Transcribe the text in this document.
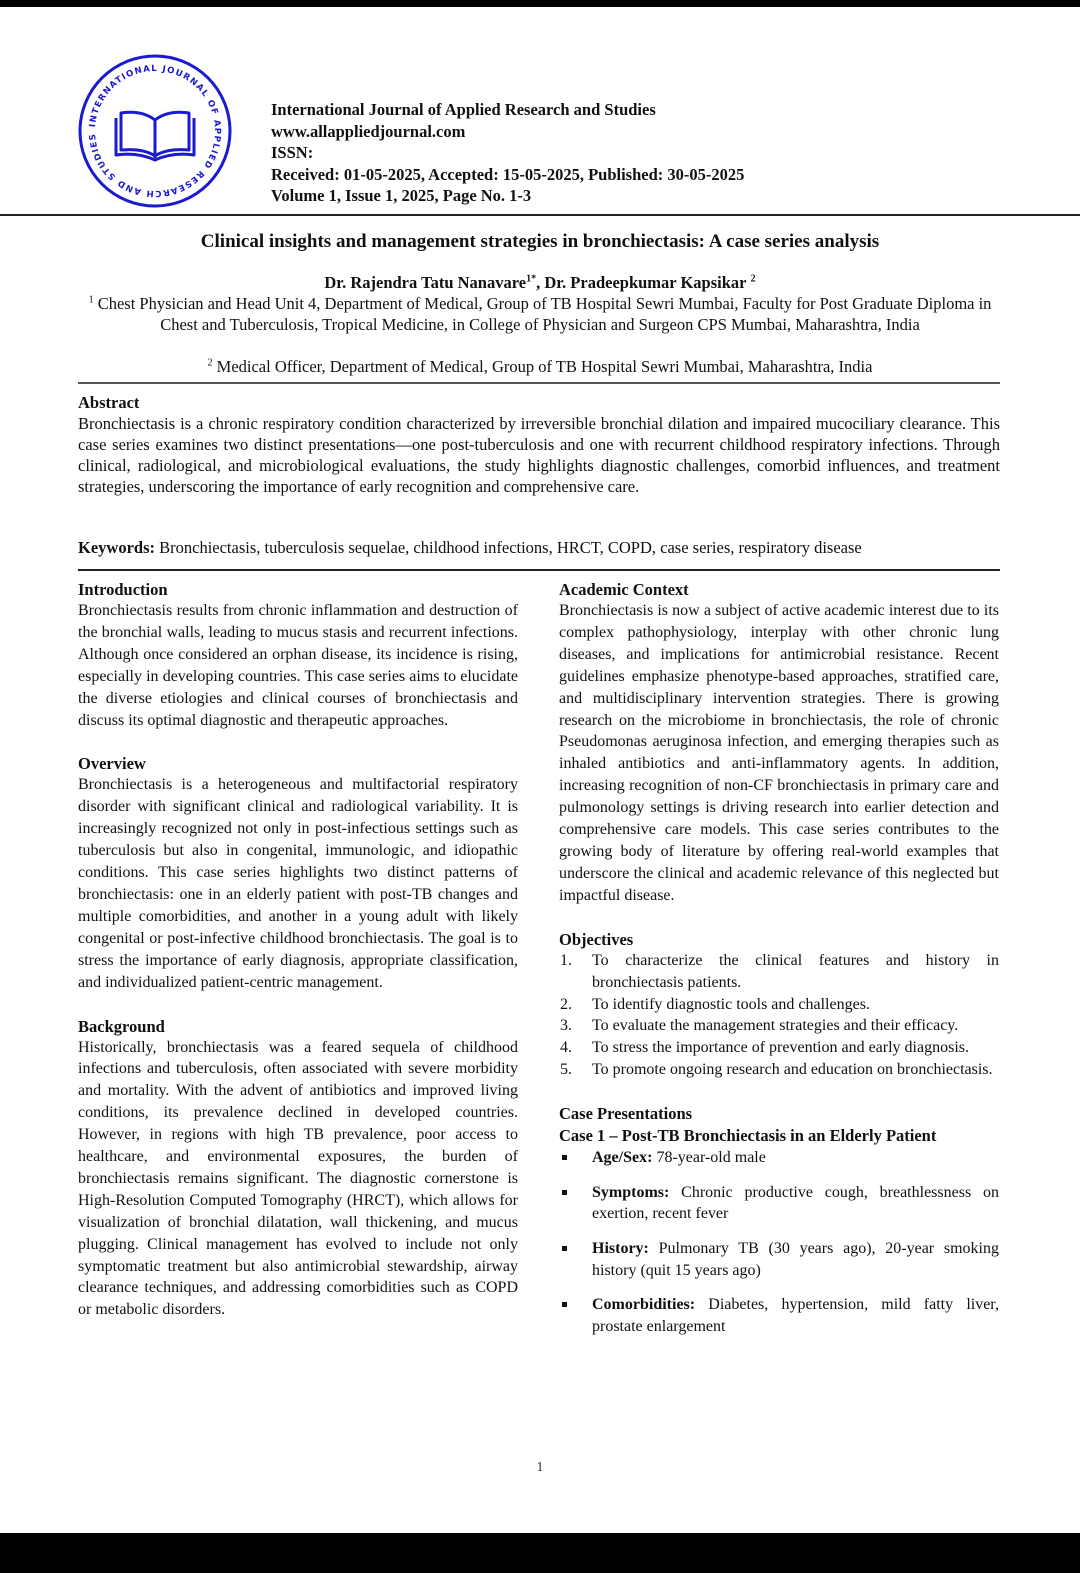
INTERNATIONAL JOURNAL OF APPLIED RESEARCH AND STUDIES
International Journal of Applied Research and Studies
www.allappliedjournal.com
ISSN:
Received: 01-05-2025, Accepted: 15-05-2025, Published: 30-05-2025
Volume 1, Issue 1, 2025, Page No. 1-3
Clinical insights and management strategies in bronchiectasis: A case series analysis
Dr. Rajendra Tatu Nanavare$^{1*}$, Dr. Pradeepkumar Kapsikar $^2$
$^1$ Chest Physician and Head Unit 4, Department of Medical, Group of TB Hospital Sewri Mumbai, Faculty for Post Graduate Diploma in Chest and Tuberculosis, Tropical Medicine, in College of Physician and Surgeon CPS Mumbai, Maharashtra, India
$^2$ Medical Officer, Department of Medical, Group of TB Hospital Sewri Mumbai, Maharashtra, India
Abstract

Bronchiectasis is a chronic respiratory condition characterized by irreversible bronchial dilation and impaired mucociliary clearance. This case series examines two distinct presentations—one post-tuberculosis and one with recurrent childhood respiratory infections. Through clinical, radiological, and microbiological evaluations, the study highlights diagnostic challenges, comorbid influences, and treatment strategies, underscoring the importance of early recognition and comprehensive care.

Keywords: Bronchiectasis, tuberculosis sequelae, childhood infections, HRCT, COPD, case series, respiratory disease
Introduction

Bronchiectasis results from chronic inflammation and destruction of the bronchial walls, leading to mucus stasis and recurrent infections. Although once considered an orphan disease, its incidence is rising, especially in developing countries. This case series aims to elucidate the diverse etiologies and clinical courses of bronchiectasis and discuss its optimal diagnostic and therapeutic approaches.

Overview

Bronchiectasis is a heterogeneous and multifactorial respiratory disorder with significant clinical and radiological variability. It is increasingly recognized not only in post-infectious settings such as tuberculosis but also in congenital, immunologic, and idiopathic conditions. This case series highlights two distinct patterns of bronchiectasis: one in an elderly patient with post-TB changes and multiple comorbidities, and another in a young adult with likely congenital or post-infective childhood bronchiectasis. The goal is to stress the importance of early diagnosis, appropriate classification, and individualized patient-centric management.

Background

Historically, bronchiectasis was a feared sequela of childhood infections and tuberculosis, often associated with severe morbidity and mortality. With the advent of antibiotics and improved living conditions, its prevalence declined in developed countries. However, in regions with high TB prevalence, poor access to healthcare, and environmental exposures, the burden of bronchiectasis remains significant. The diagnostic cornerstone is High-Resolution Computed Tomography (HRCT), which allows for visualization of bronchial dilatation, wall thickening, and mucus plugging. Clinical management has evolved to include not only symptomatic treatment but also antimicrobial stewardship, airway clearance techniques, and addressing comorbidities such as COPD or metabolic disorders.

Academic Context

Bronchiectasis is now a subject of active academic interest due to its complex pathophysiology, interplay with other chronic lung diseases, and implications for antimicrobial resistance. Recent guidelines emphasize phenotype-based approaches, stratified care, and multidisciplinary intervention strategies. There is growing research on the microbiome in bronchiectasis, the role of chronic Pseudomonas aeruginosa infection, and emerging therapies such as inhaled antibiotics and anti-inflammatory agents. In addition, increasing recognition of non-CF bronchiectasis in primary care and pulmonology settings is driving research into earlier detection and comprehensive care models. This case series contributes to the growing body of literature by offering real-world examples that underscore the clinical and academic relevance of this neglected but impactful disease.

Objectives
1. To characterize the clinical features and history in bronchiectasis patients.
2. To identify diagnostic tools and challenges.
3. To evaluate the management strategies and their efficacy.
4. To stress the importance of prevention and early diagnosis.
5. To promote ongoing research and education on bronchiectasis.
Case Presentations
Case 1 – Post-TB Bronchiectasis in an Elderly Patient
Age/Sex: 78-year-old male
Symptoms: Chronic productive cough, breathlessness on exertion, recent fever
History: Pulmonary TB (30 years ago), 20-year smoking history (quit 15 years ago)
Comorbidities: Diabetes, hypertension, mild fatty liver, prostate enlargement
1
